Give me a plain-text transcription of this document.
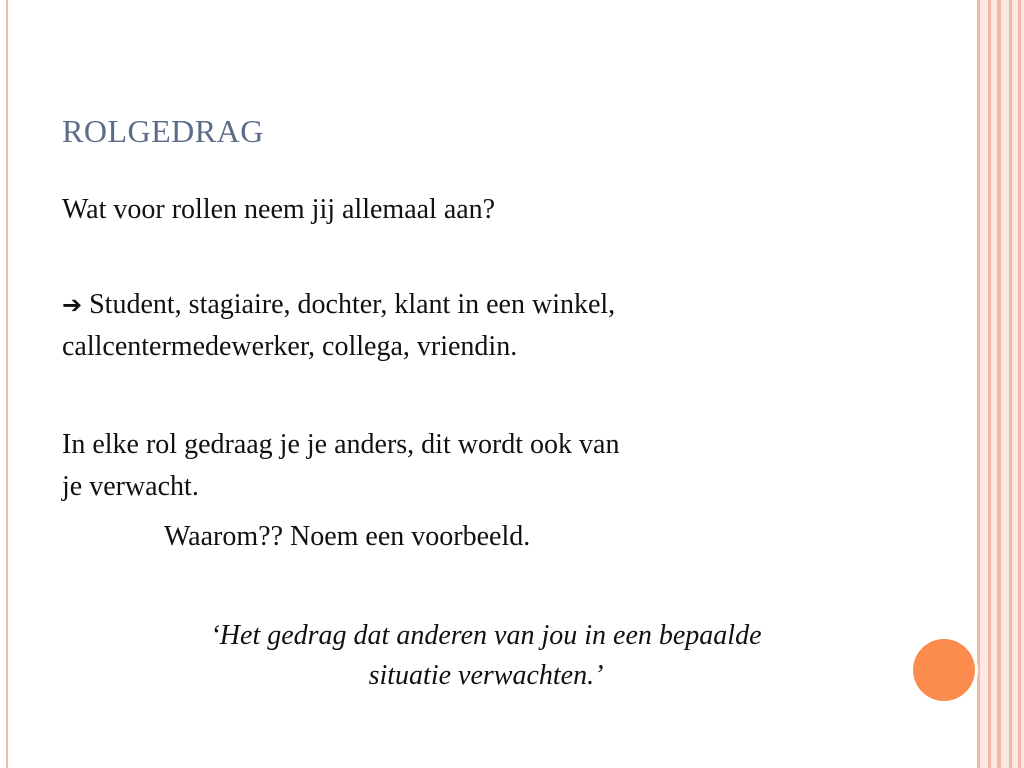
ROLGEDRAG
Wat voor rollen neem jij allemaal aan?
➔ Student, stagiaire, dochter, klant in een winkel,
callcentermedewerker, collega, vriendin.
In elke rol gedraag je je anders, dit wordt ook van
je verwacht.
Waarom?? Noem een voorbeeld.
‘Het gedrag dat anderen van jou in een bepaalde
situatie verwachten.’
